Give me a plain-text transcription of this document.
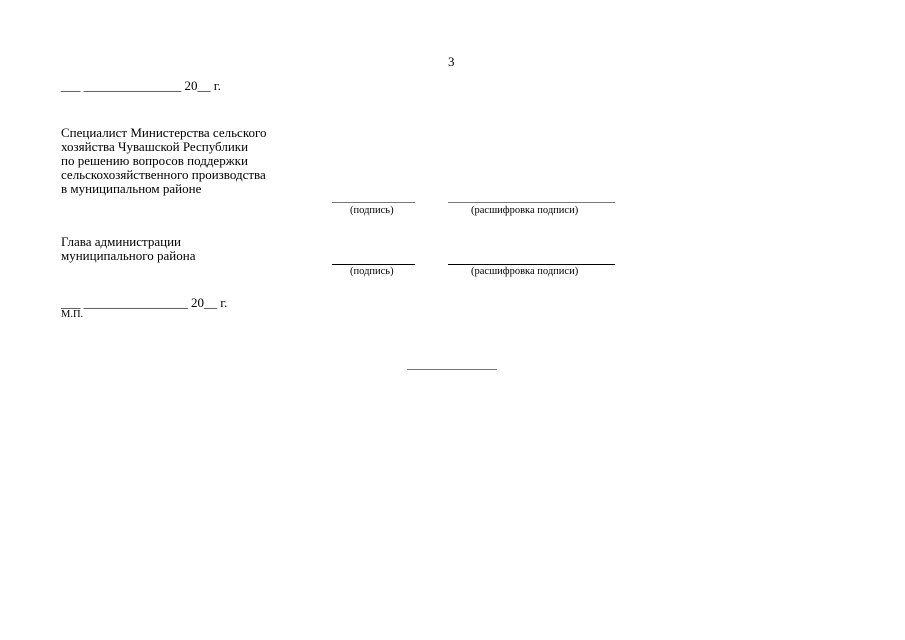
3
___ _______________ 20__ г.
Специалист Министерства сельского
хозяйства Чувашской Республики
по решению вопросов поддержки
сельскохозяйственного производства
в муниципальном районе
(подпись)	(расшифровка подписи)
Глава администрации
муниципального района
(подпись)	(расшифровка подписи)
___ ________________ 20__ г.
М.П.
